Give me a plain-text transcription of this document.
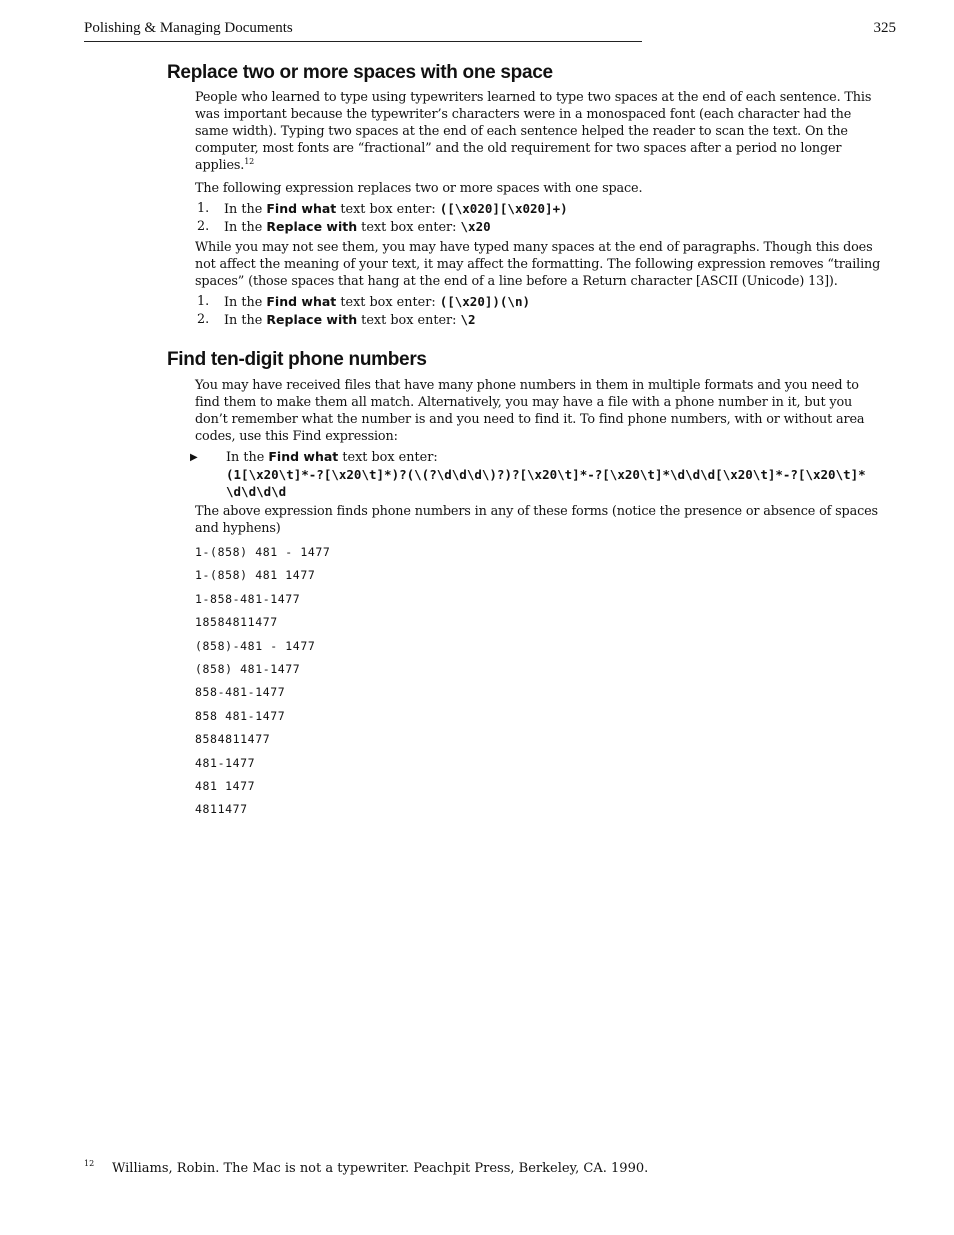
Polishing & Managing Documents	325
Replace two or more spaces with one space

People who learned to type using typewriters learned to type two spaces at the end of each sentence. This was important because the typewriter’s characters were in a monospaced font (each character had the same width). Typing two spaces at the end of each sentence helped the reader to scan the text. On the computer, most fonts are “fractional” and the old requirement for two spaces after a period no longer applies.$^{12}$

The following expression replaces two or more spaces with one space.

1. In the Find what text box enter: ([\x020][\x020]+)

2. In the Replace with text box enter: \x20

While you may not see them, you may have typed many spaces at the end of paragraphs. Though this does not affect the meaning of your text, it may affect the formatting. The following expression removes “trailing spaces” (those spaces that hang at the end of a line before a Return character [ASCII (Unicode) 13]).

1. In the Find what text box enter: ([\x20])(\n)

2. In the Replace with text box enter: \2

Find ten-digit phone numbers

You may have received files that have many phone numbers in them in multiple formats and you need to find them to make them all match. Alternatively, you may have a file with a phone number in it, but you don’t remember what the number is and you need to find it. To find phone numbers, with or without area codes, use this Find expression:

▶ In the Find what text box enter:
(1[\x20\t]*-?[\x20\t]*)?(\(?\d\d\d\)?)?[\x20\t]*-?[\x20\t]*\d\d\d[\x20\t]*-?[\x20\t]*\d\d\d\d

The above expression finds phone numbers in any of these forms (notice the presence or absence of spaces and hyphens)

1-(858) 481 - 1477
1-(858) 481 1477
1-858-481-1477
18584811477
(858)-481 - 1477
(858) 481-1477
858-481-1477
858 481-1477
8584811477
481-1477
481 1477
4811477
12 Williams, Robin. The Mac is not a typewriter. Peachpit Press, Berkeley, CA. 1990.
